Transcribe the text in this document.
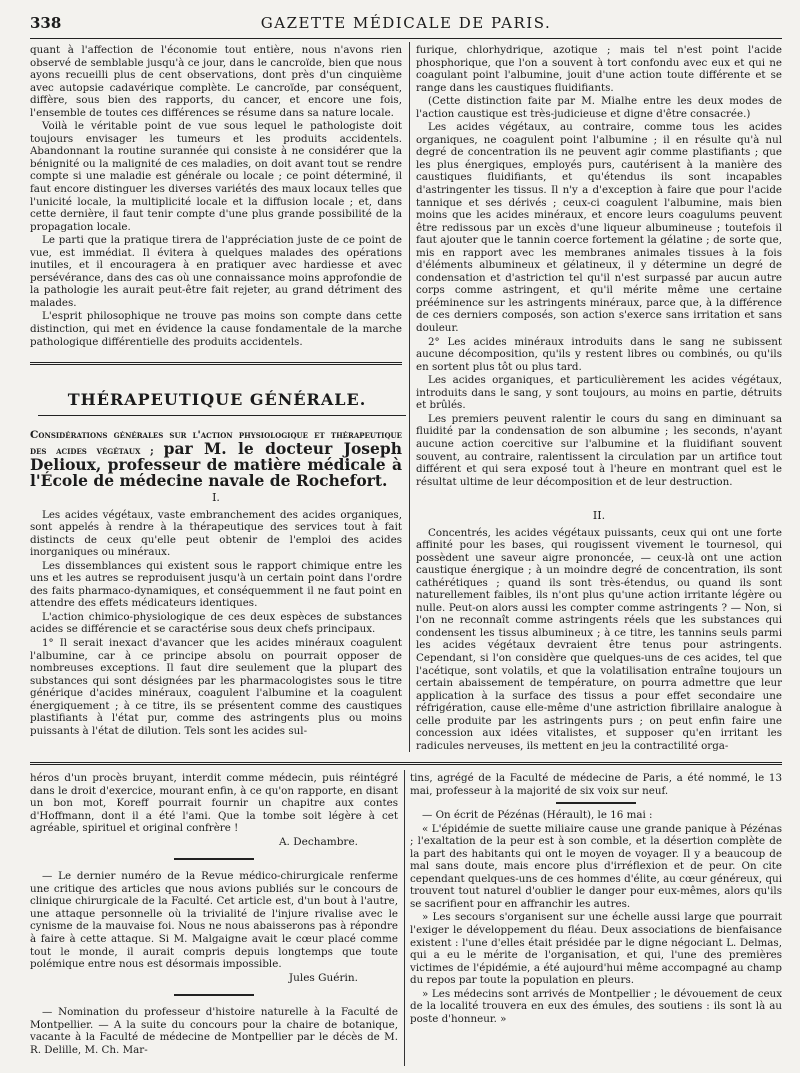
338	GAZETTE MÉDICALE DE PARIS.

quant à l'affection de l'économie tout entière, nous n'avons rien observé de semblable jusqu'à ce jour, dans le cancroïde, bien que nous ayons recueilli plus de cent observations, dont près d'un cinquième avec autopsie cadavérique complète. Le cancroïde, par conséquent, diffère, sous bien des rapports, du cancer, et encore une fois, l'ensemble de toutes ces différences se résume dans sa nature locale.

Voilà le véritable point de vue sous lequel le pathologiste doit toujours envisager les tumeurs et les produits accidentels. Abandonnant la routine surannée qui consiste à ne considérer que la bénignité ou la malignité de ces maladies, on doit avant tout se rendre compte si une maladie est générale ou locale ; ce point déterminé, il faut encore distinguer les diverses variétés des maux locaux telles que l'unicité locale, la multiplicité locale et la diffusion locale ; et, dans cette dernière, il faut tenir compte d'une plus grande possibilité de la propagation locale.

Le parti que la pratique tirera de l'appréciation juste de ce point de vue, est immédiat. Il évitera à quelques malades des opérations inutiles, et il encouragera à en pratiquer avec hardiesse et avec persévérance, dans des cas où une connaissance moins approfondie de la pathologie les aurait peut-être fait rejeter, au grand détriment des malades.

L'esprit philosophique ne trouve pas moins son compte dans cette distinction, qui met en évidence la cause fondamentale de la marche pathologique différentielle des produits accidentels.

THÉRAPEUTIQUE GÉNÉRALE.
Considérations générales sur l'action physiologique et thérapeutique des acides végétaux ; par M. le docteur Joseph Delioux, professeur de matière médicale à l'École de médecine navale de Rochefort.
I.

Les acides végétaux, vaste embranchement des acides organiques, sont appelés à rendre à la thérapeutique des services tout à fait distincts de ceux qu'elle peut obtenir de l'emploi des acides inorganiques ou minéraux.

Les dissemblances qui existent sous le rapport chimique entre les uns et les autres se reproduisent jusqu'à un certain point dans l'ordre des faits pharmaco-dynamiques, et conséquemment il ne faut point en attendre des effets médicateurs identiques.

L'action chimico-physiologique de ces deux espèces de substances acides se différencie et se caractérise sous deux chefs principaux.

1° Il serait inexact d'avancer que les acides minéraux coagulent l'albumine, car à ce principe absolu on pourrait opposer de nombreuses exceptions. Il faut dire seulement que la plupart des substances qui sont désignées par les pharmacologistes sous le titre générique d'acides minéraux, coagulent l'albumine et la coagulent énergiquement ; à ce titre, ils se présentent comme des caustiques plastifiants à l'état pur, comme des astringents plus ou moins puissants à l'état de dilution. Tels sont les acides sul-

furique, chlorhydrique, azotique ; mais tel n'est point l'acide phosphorique, que l'on a souvent à tort confondu avec eux et qui ne coagulant point l'albumine, jouit d'une action toute différente et se range dans les caustiques fluidifiants.

(Cette distinction faite par M. Mialhe entre les deux modes de l'action caustique est très-judicieuse et digne d'être consacrée.)

Les acides végétaux, au contraire, comme tous les acides organiques, ne coagulent point l'albumine ; il en résulte qu'à nul degré de concentration ils ne peuvent agir comme plastifiants ; que les plus énergiques, employés purs, cautérisent à la manière des caustiques fluidifiants, et qu'étendus ils sont incapables d'astringenter les tissus. Il n'y a d'exception à faire que pour l'acide tannique et ses dérivés ; ceux-ci coagulent l'albumine, mais bien moins que les acides minéraux, et encore leurs coagulums peuvent être redissous par un excès d'une liqueur albumineuse ; toutefois il faut ajouter que le tannin coerce fortement la gélatine ; de sorte que, mis en rapport avec les membranes animales tissues à la fois d'éléments albumineux et gélatineux, il y détermine un degré de condensation et d'astriction tel qu'il n'est surpassé par aucun autre corps comme astringent, et qu'il mérite même une certaine prééminence sur les astringents minéraux, parce que, à la différence de ces derniers composés, son action s'exerce sans irritation et sans douleur.

2° Les acides minéraux introduits dans le sang ne subissent aucune décomposition, qu'ils y restent libres ou combinés, ou qu'ils en sortent plus tôt ou plus tard.

Les acides organiques, et particulièrement les acides végétaux, introduits dans le sang, y sont toujours, au moins en partie, détruits et brûlés.

Les premiers peuvent ralentir le cours du sang en diminuant sa fluidité par la condensation de son albumine ; les seconds, n'ayant aucune action coercitive sur l'albumine et la fluidifiant souvent souvent, au contraire, ralentissent la circulation par un artifice tout différent et qui sera exposé tout à l'heure en montrant quel est le résultat ultime de leur décomposition et de leur destruction.

II.

Concentrés, les acides végétaux puissants, ceux qui ont une forte affinité pour les bases, qui rougissent vivement le tournesol, qui possèdent une saveur aigre prononcée, — ceux-là ont une action caustique énergique ; à un moindre degré de concentration, ils sont cathérétiques ; quand ils sont très-étendus, ou quand ils sont naturellement faibles, ils n'ont plus qu'une action irritante légère ou nulle. Peut-on alors aussi les compter comme astringents ? — Non, si l'on ne reconnaît comme astringents réels que les substances qui condensent les tissus albumineux ; à ce titre, les tannins seuls parmi les acides végétaux devraient être tenus pour astringents. Cependant, si l'on considère que quelques-uns de ces acides, tel que l'acétique, sont volatils, et que la volatilisation entraîne toujours un certain abaissement de température, on pourra admettre que leur application à la surface des tissus a pour effet secondaire une réfrigération, cause elle-même d'une astriction fibrillaire analogue à celle produite par les astringents purs ; on peut enfin faire une concession aux idées vitalistes, et supposer qu'en irritant les radicules nerveuses, ils mettent en jeu la contractilité orga-

héros d'un procès bruyant, interdit comme médecin, puis réintégré dans le droit d'exercice, mourant enfin, à ce qu'on rapporte, en disant un bon mot, Koreff pourrait fournir un chapitre aux contes d'Hoffmann, dont il a été l'ami. Que la tombe soit légère à cet agréable, spirituel et original confrère !

A. Dechambre.

— Le dernier numéro de la Revue médico-chirurgicale renferme une critique des articles que nous avions publiés sur le concours de clinique chirurgicale de la Faculté. Cet article est, d'un bout à l'autre, une attaque personnelle où la trivialité de l'injure rivalise avec le cynisme de la mauvaise foi. Nous ne nous abaisserons pas à répondre à faire à cette attaque. Si M. Malgaigne avait le cœur placé comme tout le monde, il aurait compris depuis longtemps que toute polémique entre nous est désormais impossible.

Jules Guérin.

— Nomination du professeur d'histoire naturelle à la Faculté de Montpellier. — A la suite du concours pour la chaire de botanique, vacante à la Faculté de médecine de Montpellier par le décès de M. R. Delille, M. Ch. Mar-

tins, agrégé de la Faculté de médecine de Paris, a été nommé, le 13 mai, professeur à la majorité de six voix sur neuf.

— On écrit de Pézénas (Hérault), le 16 mai :

« L'épidémie de suette miliaire cause une grande panique à Pézénas ; l'exaltation de la peur est à son comble, et la désertion complète de la part des habitants qui ont le moyen de voyager. Il y a beaucoup de mal sans doute, mais encore plus d'irréflexion et de peur. On cite cependant quelques-uns de ces hommes d'élite, au cœur généreux, qui trouvent tout naturel d'oublier le danger pour eux-mêmes, alors qu'ils se sacrifient pour en affranchir les autres.

» Les secours s'organisent sur une échelle aussi large que pourrait l'exiger le développement du fléau. Deux associations de bienfaisance existent : l'une d'elles était présidée par le digne négociant L. Delmas, qui a eu le mérite de l'organisation, et qui, l'une des premières victimes de l'épidémie, a été aujourd'hui même accompagné au champ du repos par toute la population en pleurs.

» Les médecins sont arrivés de Montpellier ; le dévouement de ceux de la localité trouvera en eux des émules, des soutiens : ils sont là au poste d'honneur. »
